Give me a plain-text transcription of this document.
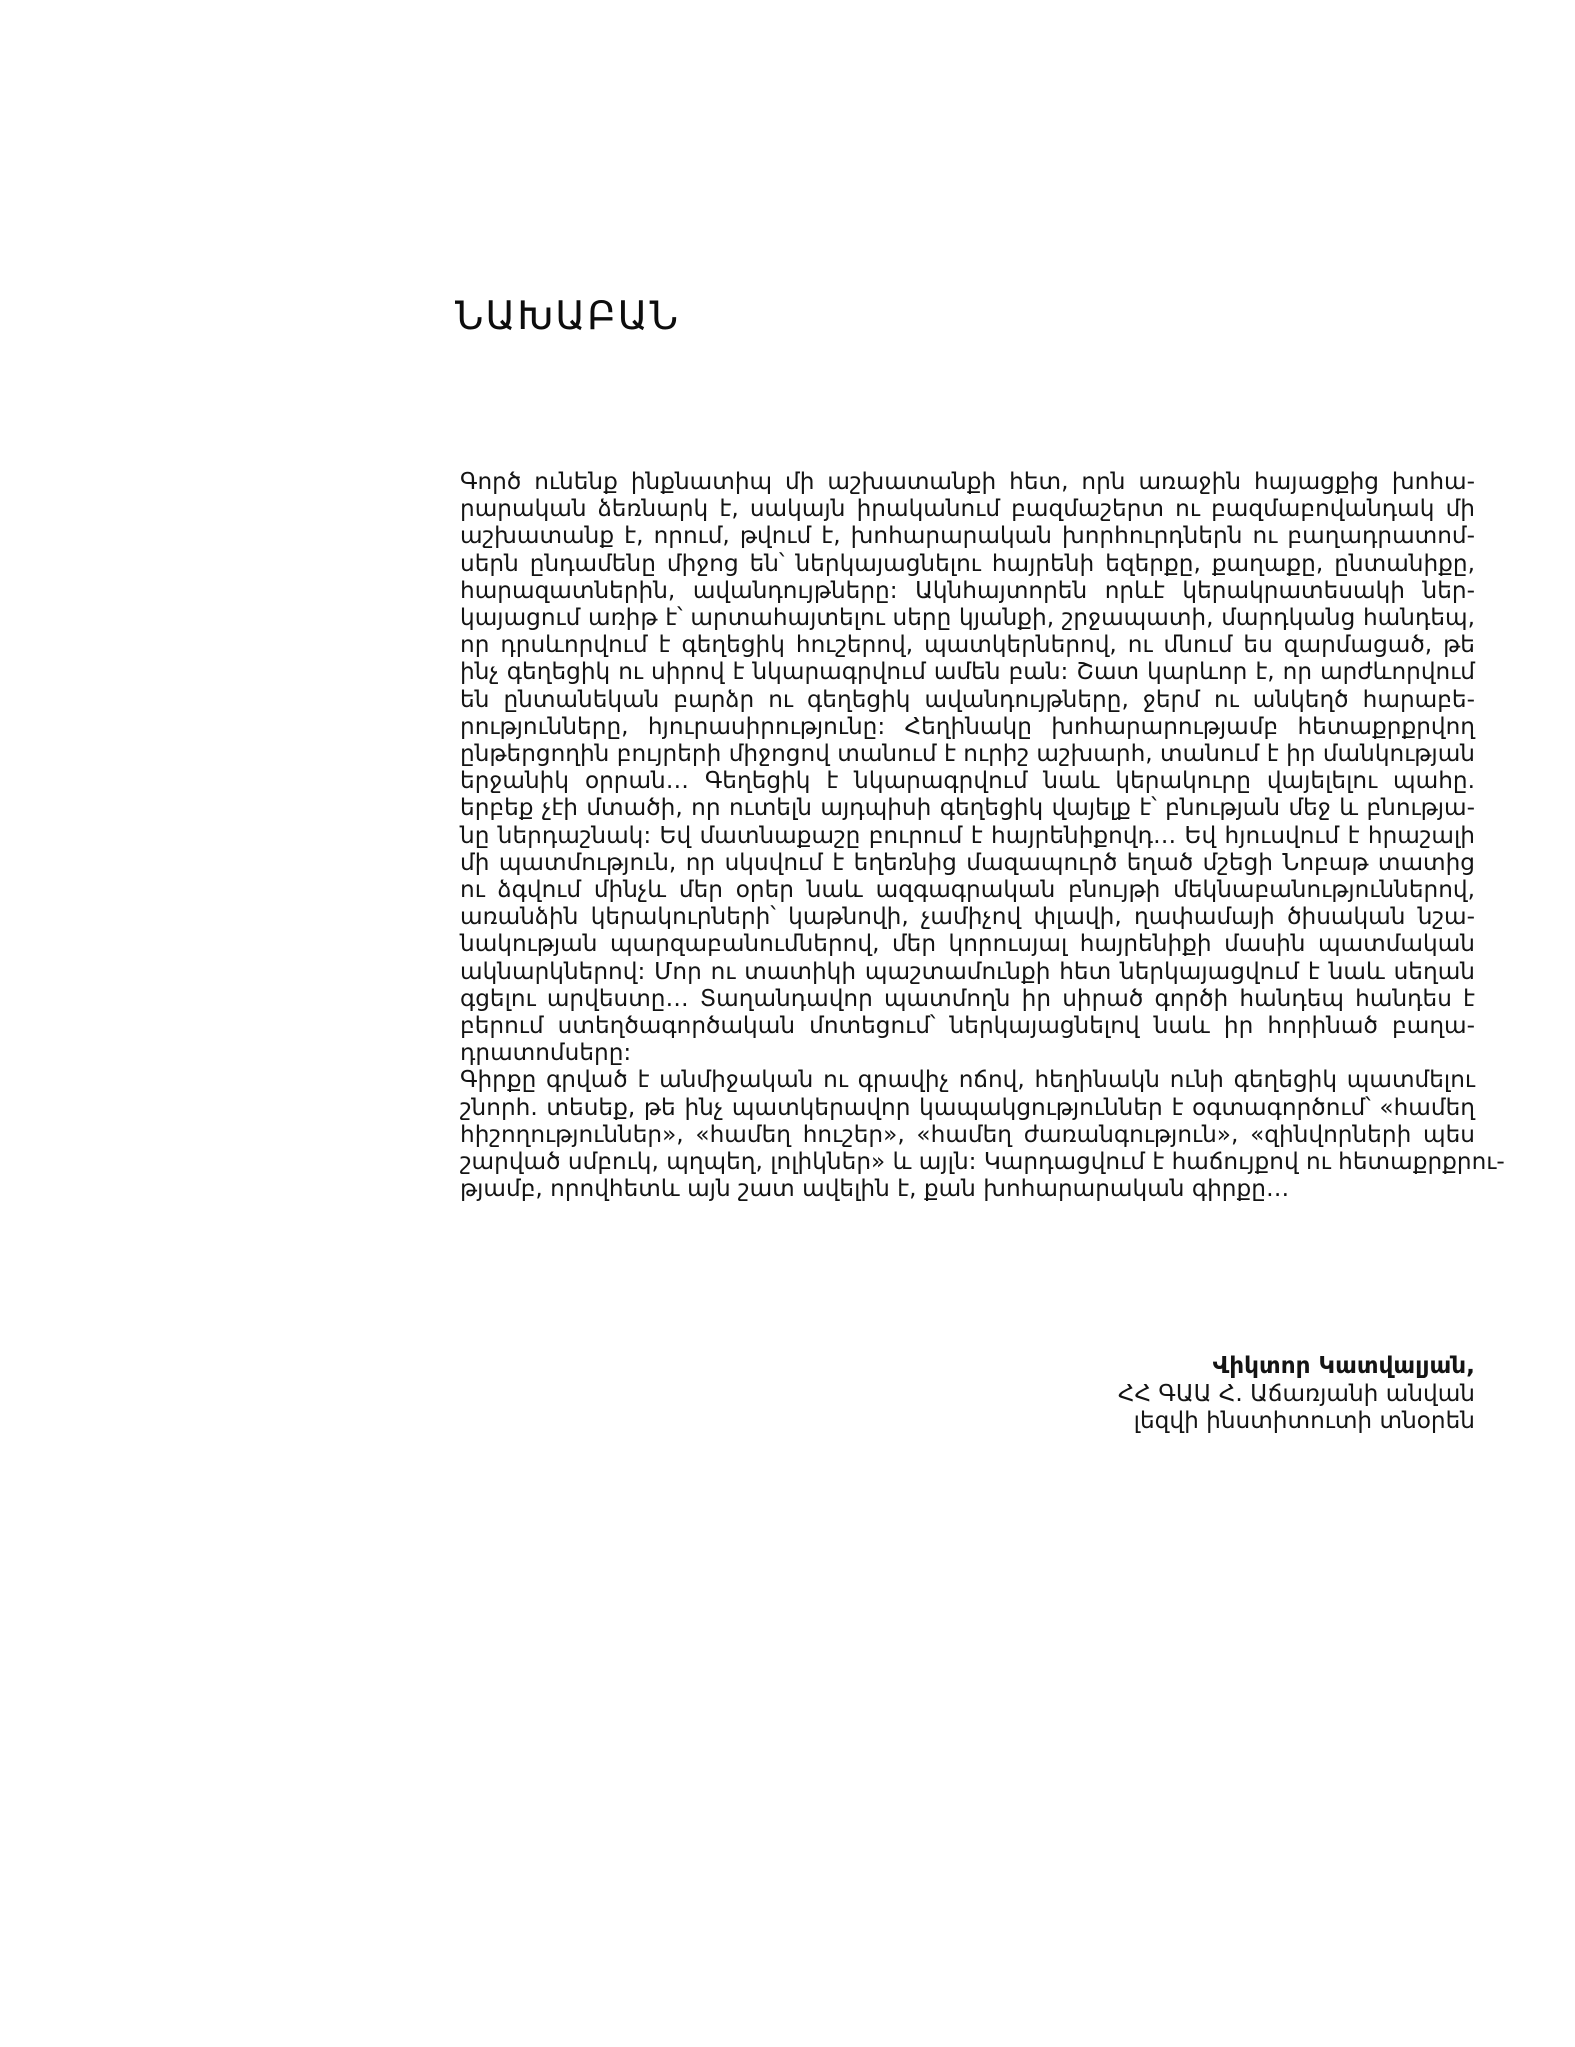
ՆԱԽԱԲԱՆ
Գործ ունենք ինքնատիպ մի աշխատանքի հետ, որն առաջին հայացքից խոհա-
րարական ձեռնարկ է, սակայն իրականում բազմաշերտ ու բազմաբովանդակ մի
աշխատանք է, որում, թվում է, խոհարարական խորհուրդներն ու բաղադրատոմ-
սերն ընդամենը միջոց են՝ ներկայացնելու հայրենի եզերքը, քաղաքը, ընտանիքը,
հարազատներին, ավանդույթները: Ակնհայտորեն որևէ կերակրատեսակի ներ-
կայացում առիթ է՝ արտահայտելու սերը կյանքի, շրջապատի, մարդկանց հանդեպ,
որ դրսևորվում է գեղեցիկ հուշերով, պատկերներով, ու մնում ես զարմացած, թե
ինչ գեղեցիկ ու սիրով է նկարագրվում ամեն բան: Շատ կարևոր է, որ արժևորվում
են ընտանեկան բարձր ու գեղեցիկ ավանդույթները, ջերմ ու անկեղծ հարաբե-
րությունները, հյուրասիրությունը: Հեղինակը խոհարարությամբ հետաքրքրվող
ընթերցողին բույրերի միջոցով տանում է ուրիշ աշխարհ, տանում է իր մանկության
երջանիկ օրրան… Գեղեցիկ է նկարագրվում նաև կերակուրը վայելելու պահը.
երբեք չէի մտածի, որ ուտելն այդպիսի գեղեցիկ վայելք է՝ բնության մեջ և բնությա-
նը ներդաշնակ: Եվ մատնաքաշը բուրում է հայրենիքովդ… Եվ հյուսվում է հրաշալի
մի պատմություն, որ սկսվում է եղեռնից մազապուրծ եղած մշեցի Նոբաթ տատից
ու ձգվում մինչև մեր օրեր նաև ազգագրական բնույթի մեկնաբանություններով,
առանձին կերակուրների՝ կաթնովի, չամիչով փլավի, ղափամայի ծիսական նշա-
նակության պարզաբանումներով, մեր կորուսյալ հայրենիքի մասին պատմական
ակնարկներով: Մոր ու տատիկի պաշտամունքի հետ ներկայացվում է նաև սեղան
գցելու արվեստը… Տաղանդավոր պատմողն իր սիրած գործի հանդեպ հանդես է
բերում ստեղծագործական մոտեցում՝ ներկայացնելով նաև իր հորինած բաղա-
դրատոմսերը:
Գիրքը գրված է անմիջական ու գրավիչ ոճով, հեղինակն ունի գեղեցիկ պատմելու
շնորհ. տեսեք, թե ինչ պատկերավոր կապակցություններ է օգտագործում՝ «համեղ
հիշողություններ», «համեղ հուշեր», «համեղ ժառանգություն», «զինվորների պես
շարված սմբուկ, պղպեղ, լոլիկներ» և այլն: Կարդացվում է հաճույքով ու հետաքրքրու-
թյամբ, որովհետև այն շատ ավելին է, քան խոհարարական գիրքը…
Վիկտոր Կատվալյան,
ՀՀ ԳԱԱ Հ. Աճառյանի անվան
լեզվի ինստիտուտի տնօրեն
